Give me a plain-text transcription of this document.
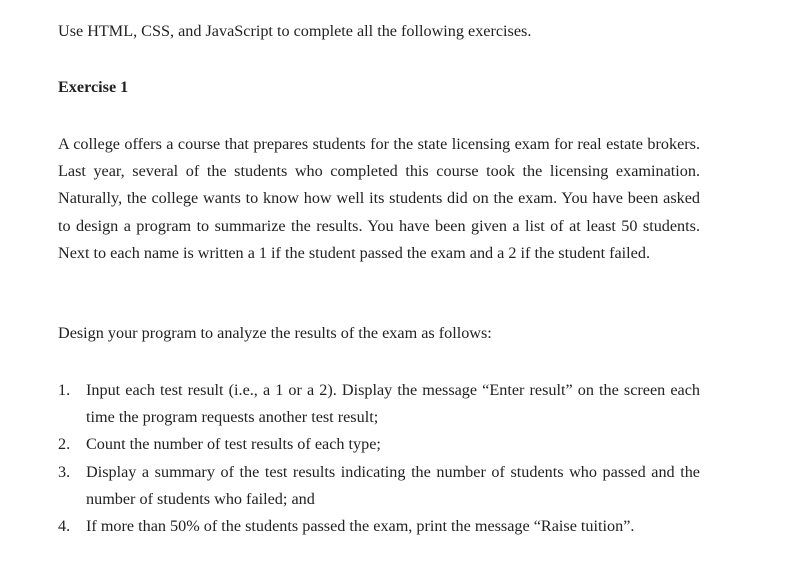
Use HTML, CSS, and JavaScript to complete all the following exercises.
Exercise 1
A college offers a course that prepares students for the state licensing exam for real estate brokers. Last year, several of the students who completed this course took the licensing examination. Naturally, the college wants to know how well its students did on the exam. You have been asked to design a program to summarize the results. You have been given a list of at least 50 students. Next to each name is written a 1 if the student passed the exam and a 2 if the student failed.
Design your program to analyze the results of the exam as follows:
1. Input each test result (i.e., a 1 or a 2). Display the message “Enter result” on the screen each time the program requests another test result;
2. Count the number of test results of each type;
3. Display a summary of the test results indicating the number of students who passed and the number of students who failed; and
4. If more than 50% of the students passed the exam, print the message “Raise tuition”.
